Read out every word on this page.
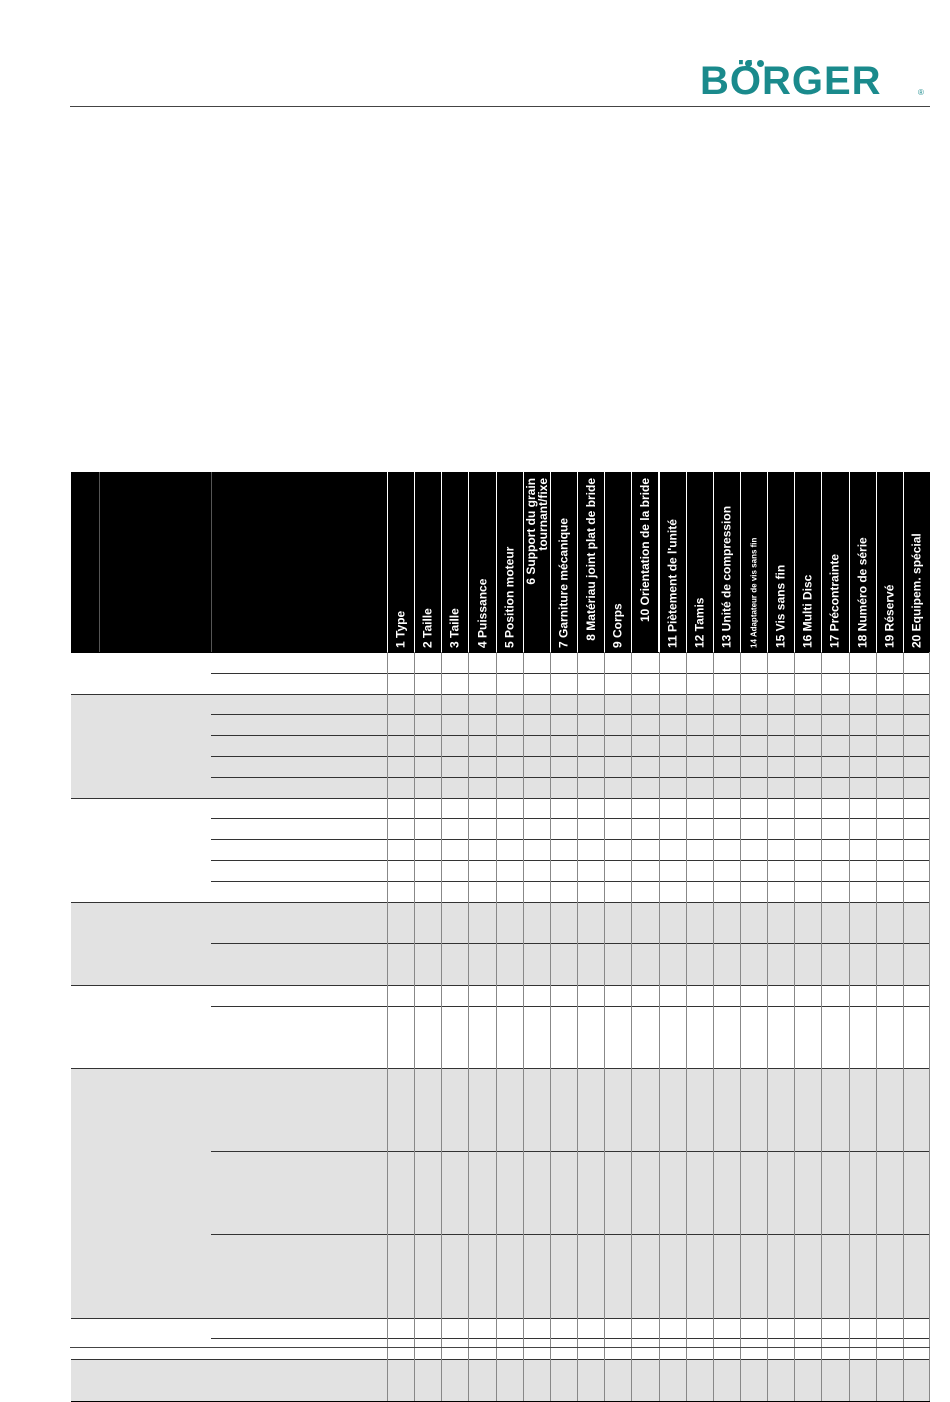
BÖRGER	®
1 Type 2 Taille 3 Taille 4 Puissance 5 Position moteur
6 Support du grain tournant/fixe
7 Garniture mécanique 8 Matériau joint plat de bride 9 Corps
10 Orientation de la bride 11 Piètement de l'unité 12 Tamis 13 Unité de compression 14 Adaptateur de vis sans fin 15 Vis sans fin 16 Multi Disc 17 Précontrainte 18 Numéro de série 19 Réservé 20 Equipem. spécial
